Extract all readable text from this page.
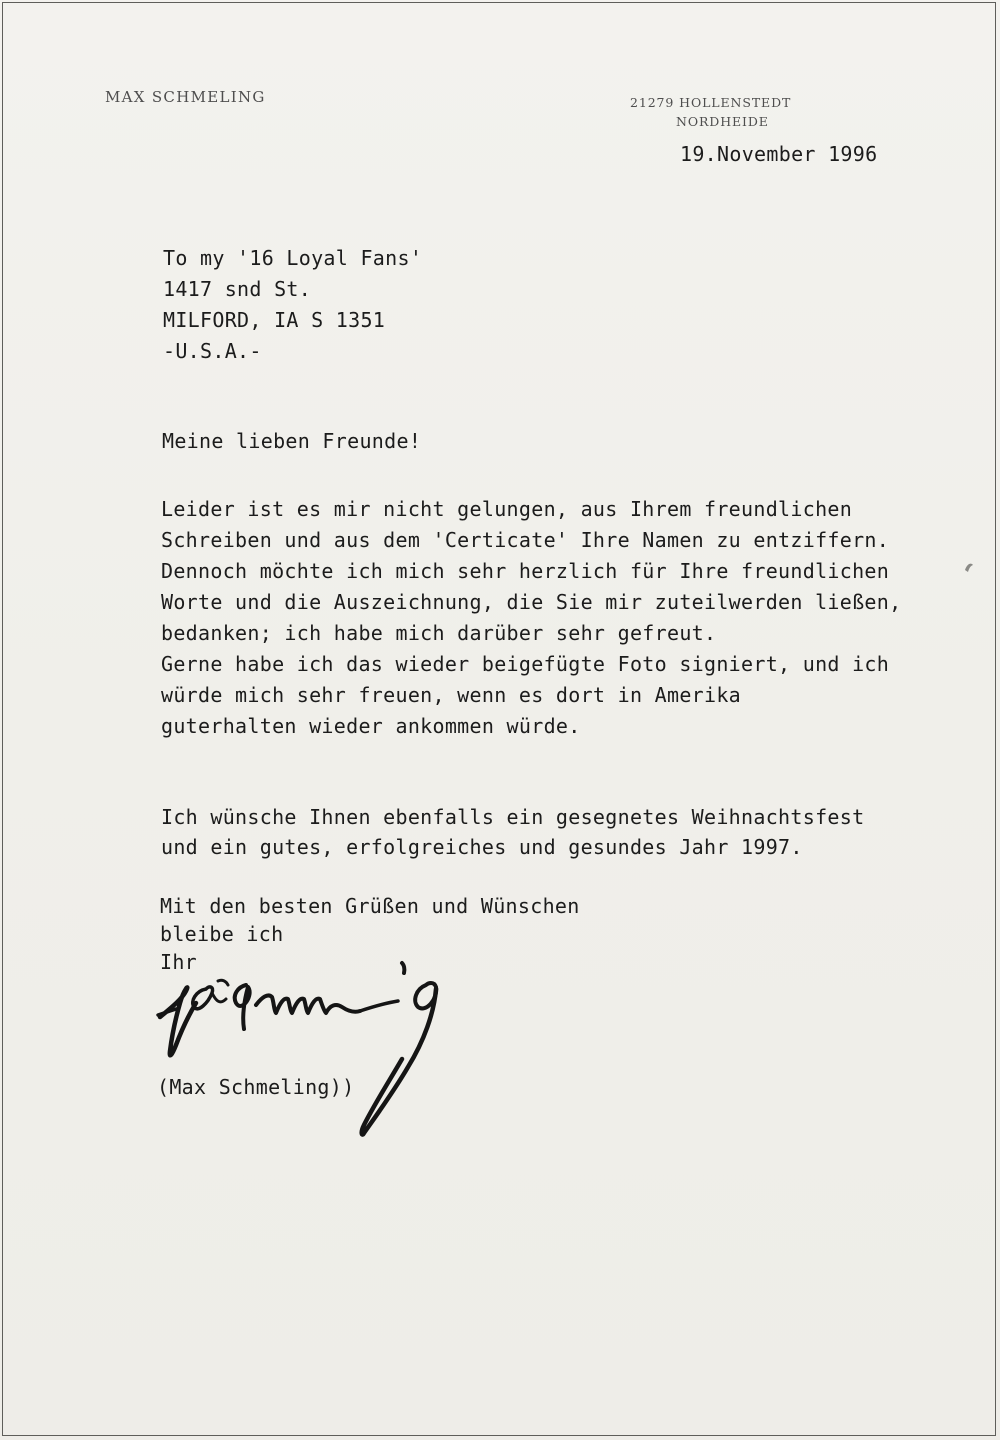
MAX SCHMELING	21279 HOLLENSTEDT
NORDHEIDE
19.November 1996
To my '16 Loyal Fans'
1417 snd St.
MILFORD, IA S 1351
-U.S.A.-
Meine lieben Freunde!
Leider ist es mir nicht gelungen, aus Ihrem freundlichen
Schreiben und aus dem 'Certicate' Ihre Namen zu entziffern.
Dennoch möchte ich mich sehr herzlich für Ihre freundlichen
Worte und die Auszeichnung, die Sie mir zuteilwerden ließen,
bedanken; ich habe mich darüber sehr gefreut.
Gerne habe ich das wieder beigefügte Foto signiert, und ich
würde mich sehr freuen, wenn es dort in Amerika
guterhalten wieder ankommen würde.
Ich wünsche Ihnen ebenfalls ein gesegnetes Weihnachtsfest
und ein gutes, erfolgreiches und gesundes Jahr 1997.
Mit den besten Grüßen und Wünschen
bleibe ich
Ihr
(Max Schmeling))
